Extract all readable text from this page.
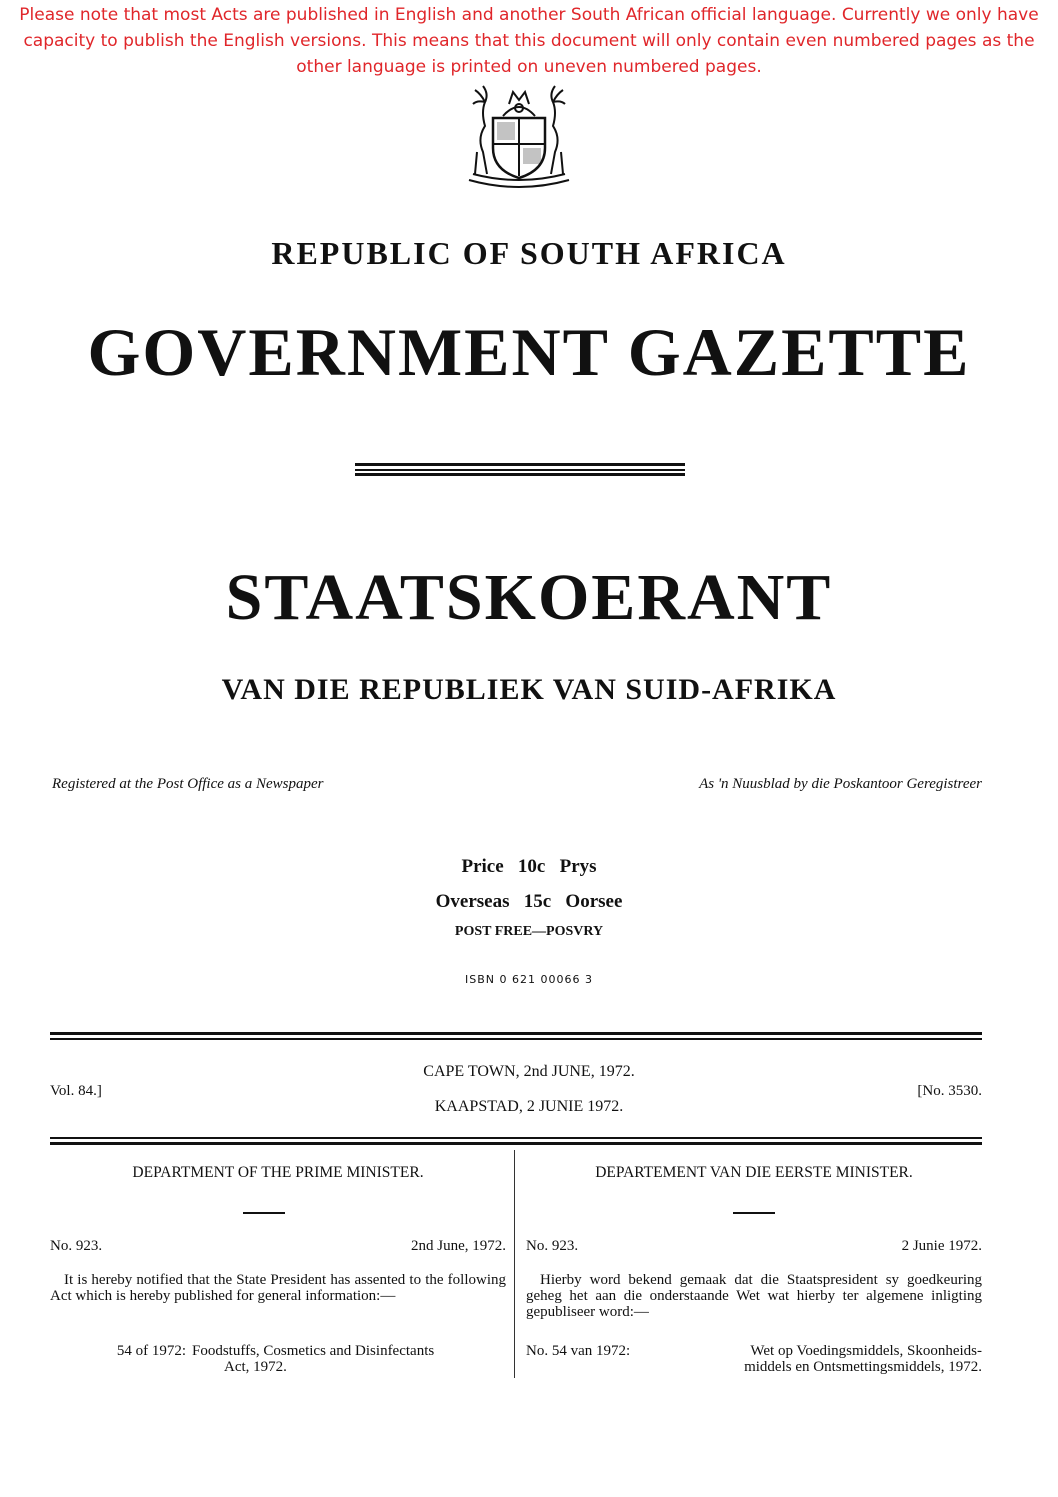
Please note that most Acts are published in English and another South African official language. Currently we only have
capacity to publish the English versions. This means that this document will only contain even numbered pages as the
other language is printed on uneven numbered pages.
REPUBLIC OF SOUTH AFRICA
GOVERNMENT GAZETTE
STAATSKOERANT
VAN DIE REPUBLIEK VAN SUID-AFRIKA
Registered at the Post Office as a Newspaper	As 'n Nuusblad by die Poskantoor Geregistreer
Price   10c   Prys
Overseas   15c   Oorsee
POST FREE—POSVRY
ISBN 0 621 00066 3
CAPE TOWN, 2nd JUNE, 1972.
KAAPSTAD, 2 JUNIE 1972.
Vol. 84.]	[No. 3530.
DEPARTMENT OF THE PRIME MINISTER.
No. 923.	2nd June, 1972.
It is hereby notified that the State President has assented to the following Act which is hereby published for general information:—
54 of 1972: Foodstuffs, Cosmetics and Disinfectants
Act, 1972.
DEPARTEMENT VAN DIE EERSTE MINISTER.
No. 923.	2 Junie 1972.
Hierby word bekend gemaak dat die Staatspresident sy goedkeuring geheg het aan die onderstaande Wet wat hierby ter algemene inligting gepubliseer word:—
No. 54 van 1972:	Wet op Voedingsmiddels, Skoonheids-
middels en Ontsmettingsmiddels, 1972.
